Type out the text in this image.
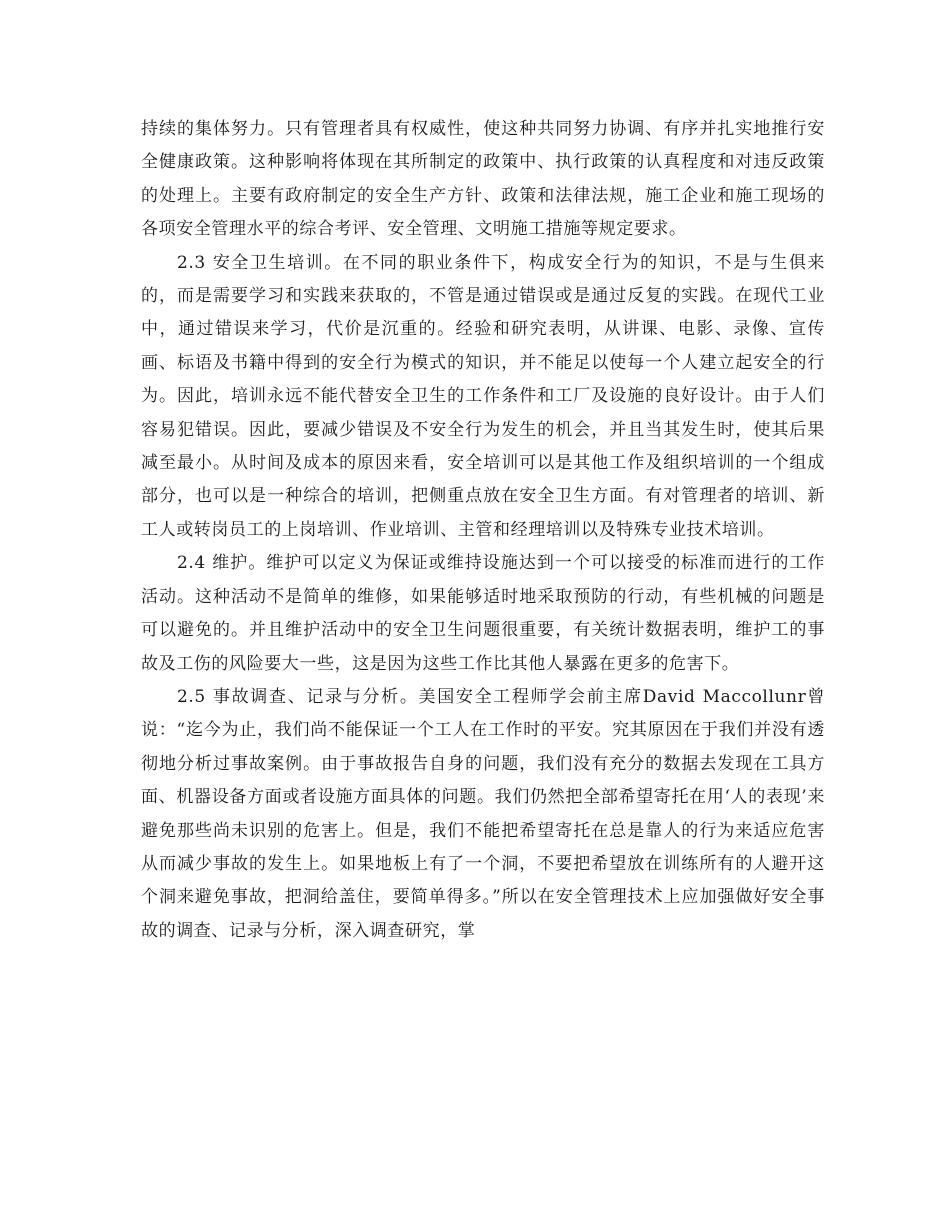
持续的集体努力。只有管理者具有权威性，使这种共同努力协调、有序并扎实地推行安全健康政策。这种影响将体现在其所制定的政策中、执行政策的认真程度和对违反政策的处理上。主要有政府制定的安全生产方针、政策和法律法规，施工企业和施工现场的各项安全管理水平的综合考评、安全管理、文明施工措施等规定要求。

2.3 安全卫生培训。在不同的职业条件下，构成安全行为的知识，不是与生俱来的，而是需要学习和实践来获取的，不管是通过错误或是通过反复的实践。在现代工业中，通过错误来学习，代价是沉重的。经验和研究表明，从讲课、电影、录像、宣传画、标语及书籍中得到的安全行为模式的知识，并不能足以使每一个人建立起安全的行为。因此，培训永远不能代替安全卫生的工作条件和工厂及设施的良好设计。由于人们容易犯错误。因此，要减少错误及不安全行为发生的机会，并且当其发生时，使其后果减至最小。从时间及成本的原因来看，安全培训可以是其他工作及组织培训的一个组成部分，也可以是一种综合的培训，把侧重点放在安全卫生方面。有对管理者的培训、新工人或转岗员工的上岗培训、作业培训、主管和经理培训以及特殊专业技术培训。

2.4 维护。维护可以定义为保证或维持设施达到一个可以接受的标准而进行的工作活动。这种活动不是简单的维修，如果能够适时地采取预防的行动，有些机械的问题是可以避免的。并且维护活动中的安全卫生问题很重要，有关统计数据表明，维护工的事故及工伤的风险要大一些，这是因为这些工作比其他人暴露在更多的危害下。

2.5 事故调查、记录与分析。美国安全工程师学会前主席David Maccollunr曾说：“迄今为止，我们尚不能保证一个工人在工作时的平安。究其原因在于我们并没有透彻地分析过事故案例。由于事故报告自身的问题，我们没有充分的数据去发现在工具方面、机器设备方面或者设施方面具体的问题。我们仍然把全部希望寄托在用‘人的表现’来避免那些尚未识别的危害上。但是，我们不能把希望寄托在总是靠人的行为来适应危害从而减少事故的发生上。如果地板上有了一个洞，不要把希望放在训练所有的人避开这个洞来避免事故，把洞给盖住，要简单得多。”所以在安全管理技术上应加强做好安全事故的调查、记录与分析，深入调查研究，掌
